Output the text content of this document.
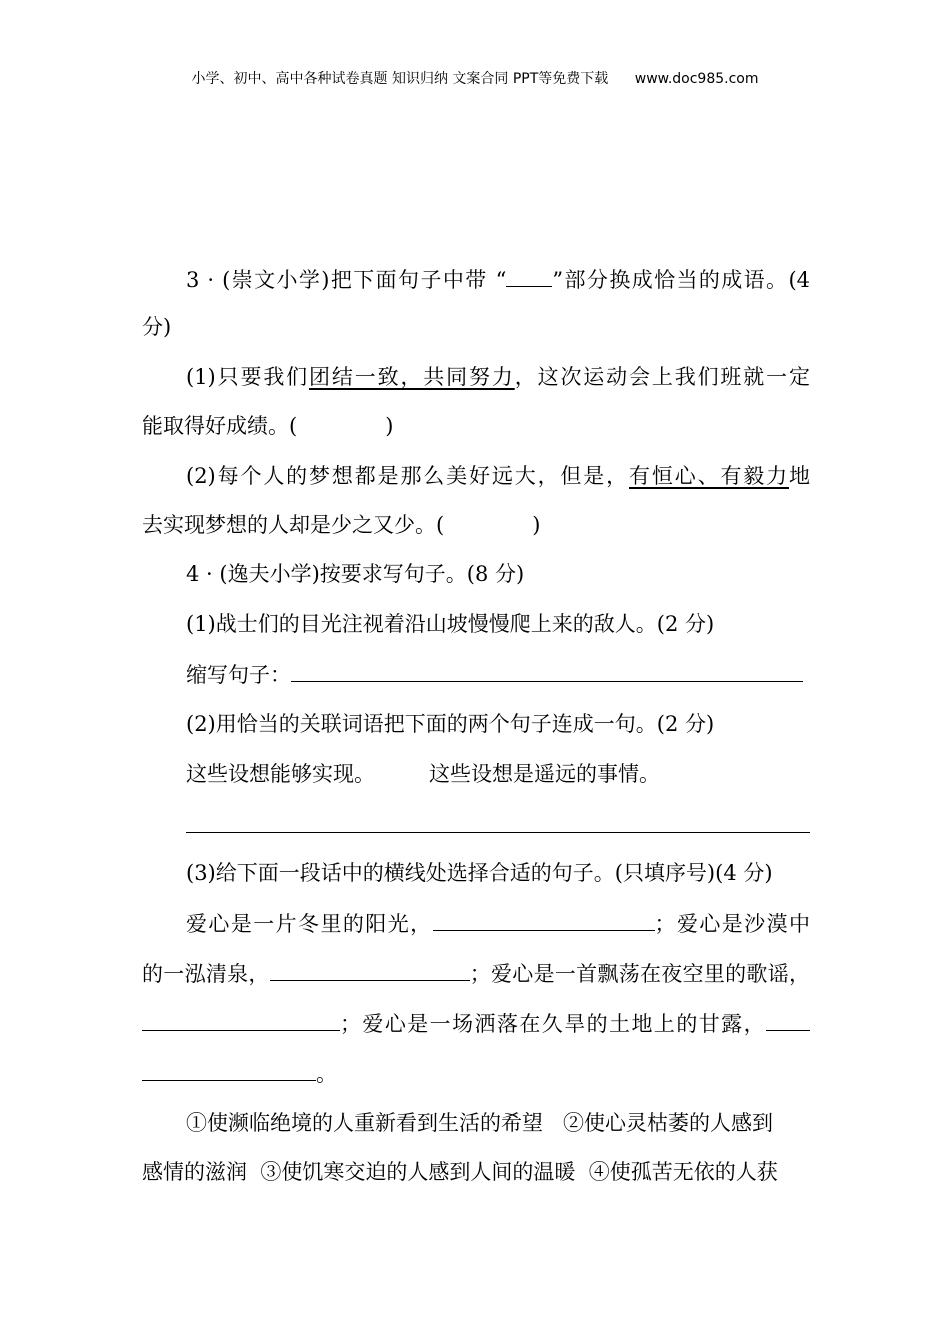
小学、初中、高中各种试卷真题 知识归纳 文案合同 PPT等免费下载 www.doc985.com
3 · (崇文小学)把下面句子中带 “ ”部分换成恰当的成语。(4
分)
(1)只要我们团结一致，共同努力，这次运动会上我们班就一定
能取得好成绩。(	)
(2)每个人的梦想都是那么美好远大，但是，有恒心、有毅力地
去实现梦想的人却是少之又少。(	)
4 · (逸夫小学)按要求写句子。(8 分)
(1)战士们的目光注视着沿山坡慢慢爬上来的敌人。(2 分)
缩写句子：
(2)用恰当的关联词语把下面的两个句子连成一句。(2 分)
这些设想能够实现。	这些设想是遥远的事情。
(3)给下面一段话中的横线处选择合适的句子。(只填序号)(4 分)
爱心是一片冬里的阳光，	；爱心是沙漠中
的一泓清泉，	；爱心是一首飘荡在夜空里的歌谣，
；爱心是一场洒落在久旱的土地上的甘露，
。
①使濒临绝境的人重新看到生活的希望 ②使心灵枯萎的人感到
感情的滋润  ③使饥寒交迫的人感到人间的温暖  ④使孤苦无依的人获
